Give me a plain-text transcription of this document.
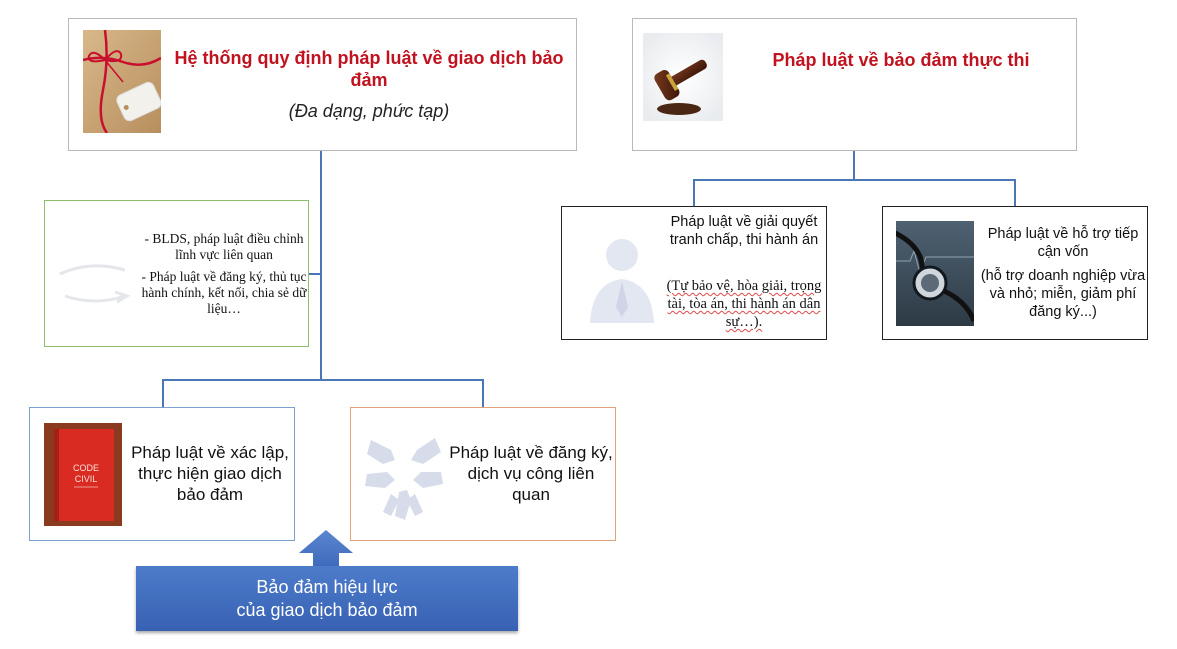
Hệ thống quy định pháp luật về giao dịch bảo đảm
(Đa dạng, phức tạp)
Pháp luật về bảo đảm thực thi
- BLDS, pháp luật điều chỉnh lĩnh vực liên quan
- Pháp luật về đăng ký, thủ tục hành chính, kết nối, chia sẻ dữ liệu…
CODE
CIVIL
Pháp luật về xác lập, thực hiện giao dịch bảo đảm
Pháp luật về đăng ký, dịch vụ công liên quan
Pháp luật về giải quyết tranh chấp, thi hành án
(Tự bảo vệ, hòa giải, trọng tài, tòa án, thi hành án dân sự…).
Pháp luật về hỗ trợ tiếp cận vốn
(hỗ trợ doanh nghiệp vừa và nhỏ; miễn, giảm phí đăng ký...)
Bảo đảm hiệu lực
của giao dịch bảo đảm
